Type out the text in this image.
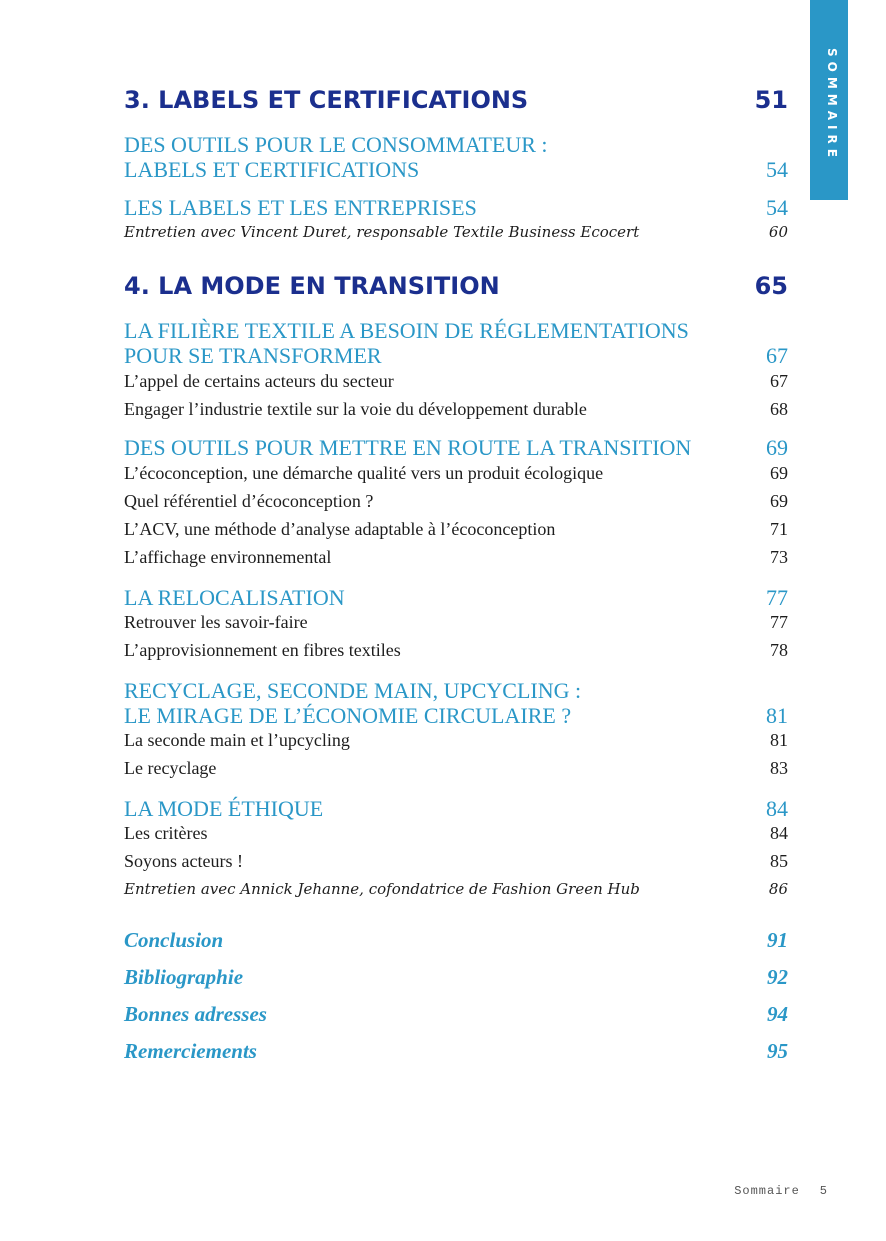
SOMMAIRE
3. LABELS ET CERTIFICATIONS	51
DES OUTILS POUR LE CONSOMMATEUR :
LABELS ET CERTIFICATIONS	54
LES LABELS ET LES ENTREPRISES	54
Entretien avec Vincent Duret, responsable Textile Business Ecocert	60
4. LA MODE EN TRANSITION	65
LA FILIÈRE TEXTILE A BESOIN DE RÉGLEMENTATIONS
POUR SE TRANSFORMER	67
L’appel de certains acteurs du secteur	67
Engager l’industrie textile sur la voie du développement durable	68
DES OUTILS POUR METTRE EN ROUTE LA TRANSITION	69
L’écoconception, une démarche qualité vers un produit écologique	69
Quel référentiel d’écoconception ?	69
L’ACV, une méthode d’analyse adaptable à l’écoconception	71
L’affichage environnemental	73
LA RELOCALISATION	77
Retrouver les savoir-faire	77
L’approvisionnement en fibres textiles	78
RECYCLAGE, SECONDE MAIN, UPCYCLING :
LE MIRAGE DE L’ÉCONOMIE CIRCULAIRE ?	81
La seconde main et l’upcycling	81
Le recyclage	83
LA MODE ÉTHIQUE	84
Les critères	84
Soyons acteurs !	85
Entretien avec Annick Jehanne, cofondatrice de Fashion Green Hub	86
Conclusion	91
Bibliographie	92
Bonnes adresses	94
Remerciements	95
Sommaire 5
